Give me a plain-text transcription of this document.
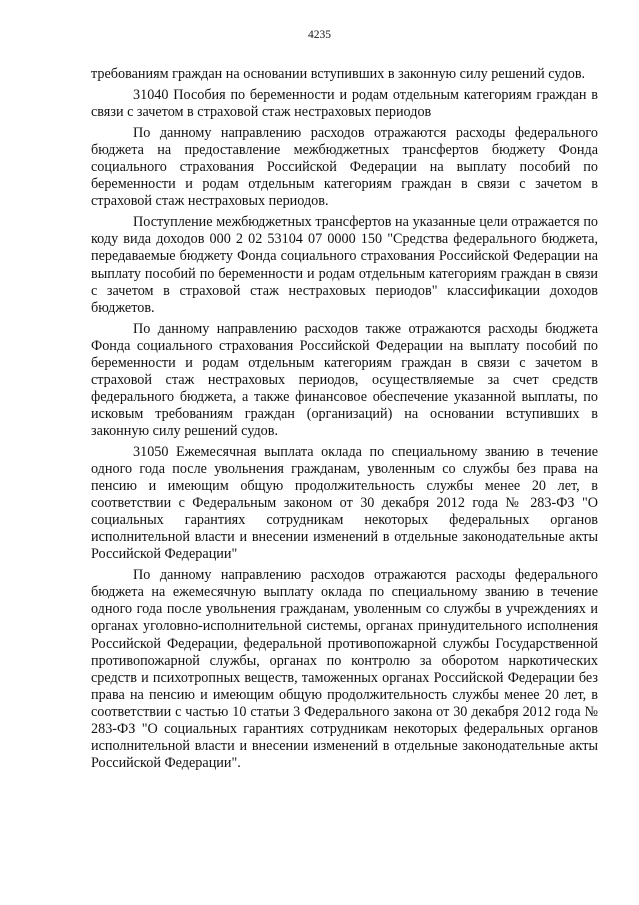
4235

требованиям граждан на основании вступивших в законную силу решений судов.

31040 Пособия по беременности и родам отдельным категориям граждан в связи с зачетом в страховой стаж нестраховых периодов

По данному направлению расходов отражаются расходы федерального бюджета на предоставление межбюджетных трансфертов бюджету Фонда социального страхования Российской Федерации на выплату пособий по беременности и родам отдельным категориям граждан в связи с зачетом в страховой стаж нестраховых периодов.

Поступление межбюджетных трансфертов на указанные цели отражается по коду вида доходов 000 2 02 53104 07 0000 150 "Средства федерального бюджета, передаваемые бюджету Фонда социального страхования Российской Федерации на выплату пособий по беременности и родам отдельным категориям граждан в связи с зачетом в страховой стаж нестраховых периодов" классификации доходов бюджетов.

По данному направлению расходов также отражаются расходы бюджета Фонда социального страхования Российской Федерации на выплату пособий по беременности и родам отдельным категориям граждан в связи с зачетом в страховой стаж нестраховых периодов, осуществляемые за счет средств федерального бюджета, а также финансовое обеспечение указанной выплаты, по исковым требованиям граждан (организаций) на основании вступивших в законную силу решений судов.

31050 Ежемесячная выплата оклада по специальному званию в течение одного года после увольнения гражданам, уволенным со службы без права на пенсию и имеющим общую продолжительность службы менее 20 лет, в соответствии с Федеральным законом от 30 декабря 2012 года № 283-ФЗ "О социальных гарантиях сотрудникам некоторых федеральных органов исполнительной власти и внесении изменений в отдельные законодательные акты Российской Федерации"

По данному направлению расходов отражаются расходы федерального бюджета на ежемесячную выплату оклада по специальному званию в течение одного года после увольнения гражданам, уволенным со службы в учреждениях и органах уголовно-исполнительной системы, органах принудительного исполнения Российской Федерации, федеральной противопожарной службы Государственной противопожарной службы, органах по контролю за оборотом наркотических средств и психотропных веществ, таможенных органах Российской Федерации без права на пенсию и имеющим общую продолжительность службы менее 20 лет, в соответствии с частью 10 статьи 3 Федерального закона от 30 декабря 2012 года № 283-ФЗ "О социальных гарантиях сотрудникам некоторых федеральных органов исполнительной власти и внесении изменений в отдельные законодательные акты Российской Федерации".
